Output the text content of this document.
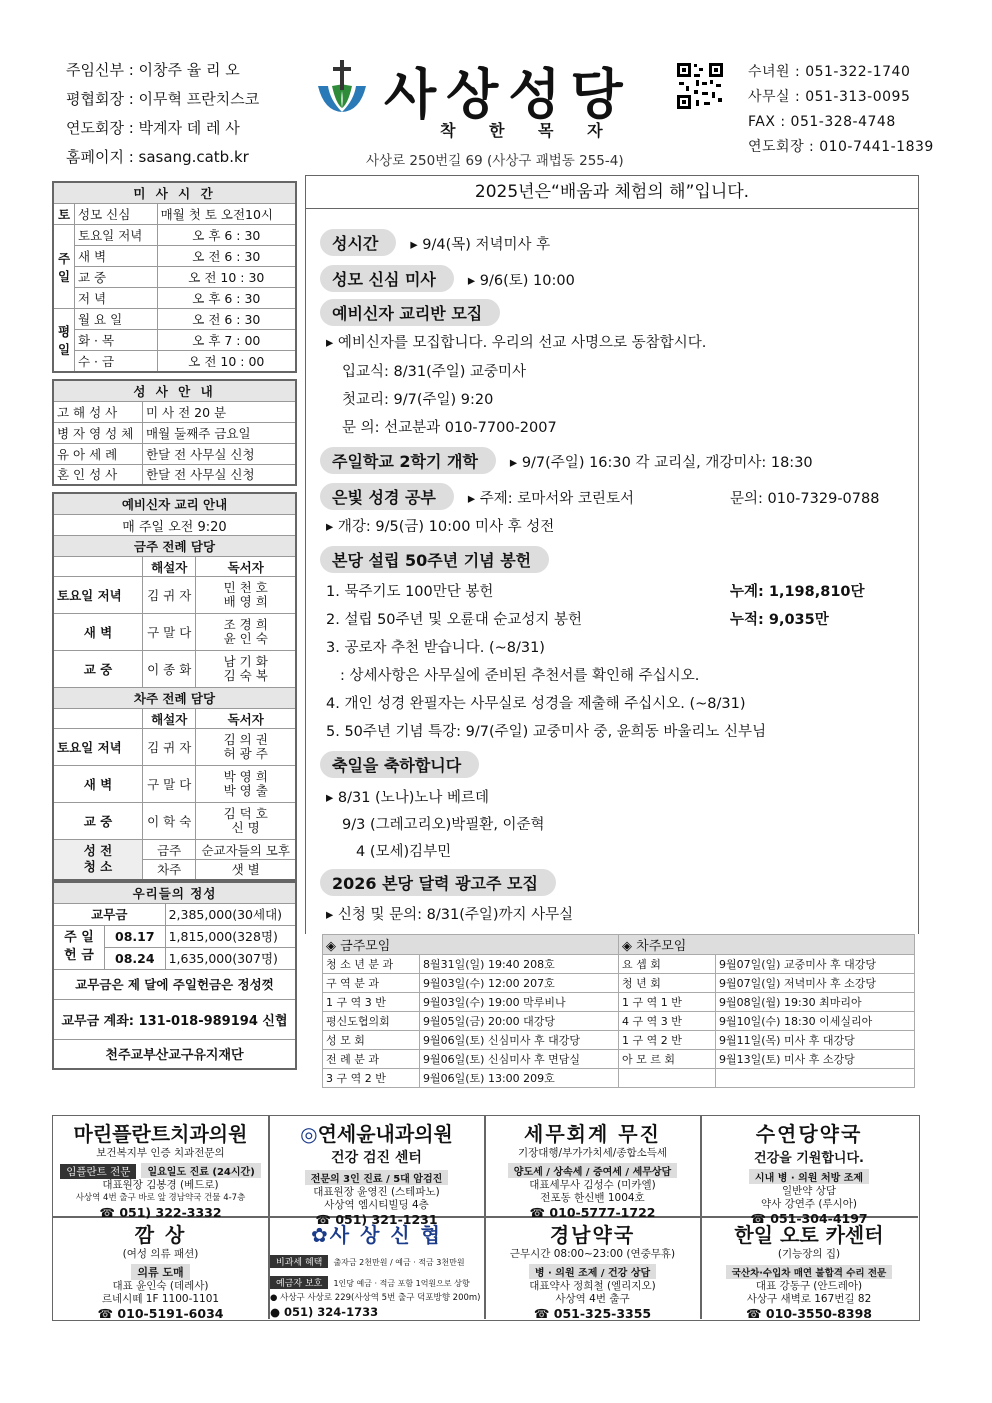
주임신부 : 이창주 율 리 오
평협회장 : 이무혁 프란치스코
연도회장 : 박계자 데 레 사
홈페이지 : sasang.catb.kr
사상성당
착 한 목 자
사상로 250번길 69 (사상구 괘법동 255-4)
수녀원 : 051-322-1740
사무실 : 051-313-0095
FAX : 051-328-4748
연도회장 : 010-7441-1839
미 사 시 간		
토	성모 신심	매월 첫 토 오전10시
주일	토요일 저녁	오 후 6 : 30
	새 벽	오 전 6 : 30
	교 중	오 전 10 : 30
	저 녁	오 후 6 : 30
평일	월 요 일	오 전 6 : 30
	화 · 목	오 후 7 : 00
	수 · 금	오 전 10 : 00
성 사 안 내	
고 해 성 사	미 사 전 20 분
병 자 영 성 체	매월 둘째주 금요일
유 아 세 례	한달 전 사무실 신청
혼 인 성 사	한달 전 사무실 신청
예비신자 교리 안내		
매 주일 오전 9:20		
금주 전례 담당		
	해설자	독서자
토요일 저녁	김 귀 자	민 천 호
배 영 희

새 벽	구 말 다	조 경 희
윤 인 숙

교 중	이 종 화	남 기 화
김 숙 복

차주 전례 담당		
	해설자	독서자
토요일 저녁	김 귀 자	김 의 권
허 광 주

새 벽	구 말 다	박 영 희
박 영 출

교 중	이 학 숙	김 덕 호
신 명

성 전
청 소	금주	순교자들의 모후
	차주	샛 별
우리들의 정성		
교무금		2,385,000(30세대)
주 일 헌 금	08.17	1,815,000(328명)
	08.24	1,635,000(307명)
교무금은 제 달에 주일헌금은 정성껏		
교무금 계좌: 131-018-989194 신협		
천주교부산교구유지재단		
2025년은“배움과 체험의 해”입니다.
성시간 ▸ 9/4(목) 저녁미사 후
성모 신심 미사 ▸ 9/6(토) 10:00
예비신자 교리반 모집
▸ 예비신자를 모집합니다. 우리의 선교 사명으로 동참합시다.
입교식: 8/31(주일) 교중미사
첫교리: 9/7(주일) 9:20
문 의: 선교분과 010-7700-2007
주일학교 2학기 개학 ▸ 9/7(주일) 16:30 각 교리실, 개강미사: 18:30
은빛 성경 공부 ▸ 주제: 로마서와 코린토서	문의: 010-7329-0788
▸ 개강: 9/5(금) 10:00 미사 후 성전
본당 설립 50주년 기념 봉헌
1. 묵주기도 100만단 봉헌	누계: 1,198,810단
2. 설립 50주년 및 오륜대 순교성지 봉헌	누적: 9,035만
3. 공로자 추천 받습니다. (~8/31)
: 상세사항은 사무실에 준비된 추천서를 확인해 주십시오.
4. 개인 성경 완필자는 사무실로 성경을 제출해 주십시오. (~8/31)
5. 50주년 기념 특강: 9/7(주일) 교중미사 중, 윤희동 바울리노 신부님
축일을 축하합니다
▸ 8/31 (노나)노나 베르데
9/3 (그레고리오)박필환, 이준혁
4 (모세)김부민
2026 본당 달력 광고주 모집
▸ 신청 및 문의: 8/31(주일)까지 사무실
◈ 금주모임		◈ 차주모임	
청 소 년 분 과	8월31일(일) 19:40 208호	요 셉 회	9월07일(일) 교중미사 후 대강당
구 역 분 과	9월03일(수) 12:00 207호	청 년 회	9월07일(일) 저녁미사 후 소강당
1 구 역 3 반	9월03일(수) 19:00 막루비나	1 구 역 1 반	9월08일(월) 19:30 최마리아
평신도협의회	9월05일(금) 20:00 대강당	4 구 역 3 반	9월10일(수) 18:30 이세실리아
성 모 회	9월06일(토) 신심미사 후 대강당	1 구 역 2 반	9월11일(목) 미사 후 대강당
전 례 분 과	9월06일(토) 신심미사 후 면담실	아 모 르 회	9월13일(토) 미사 후 소강당
3 구 역 2 반	9월06일(토) 13:00 209호		
마린플란트치과의원
보건복지부 인증 치과전문의
임플란트 전문 일요일도 진료 (24시간)
대표원장 김봉경 (베드로)
사상역 4번 출구 바로 앞 경남약국 건물 4-7층
☎ 051) 322-3332
◎연세윤내과의원
건강 검진 센터
전문의 3인 진료 / 5대 암검진
대표원장 윤영진 (스테파노)
사상역 엠시티빌딩 4층
☎ 051) 321-1231
세무회계 무진
기장대행/부가가치세/종합소득세
양도세 / 상속세 / 증여세 / 세무상담
대표세무사 김성수 (미카엘)
전포동 한신밴 1004호
☎ 010-5777-1722
수연당약국
건강을 기원합니다.
시내 병 · 의원 처방 조제
일반약 상담
약사 강연주 (루시아)
☎ 051-304-4197
깜 상
(여성 의류 패션)
의류 도매
대표 윤인숙 (데레사)
르네시떼 1F 1100-1101
☎ 010-5191-6034
✿사 상 신 협
비과세 혜택 출자금 2천만원 / 예금 · 적금 3천만원
예금자 보호 1인당 예금 · 적금 포함 1억원으로 상향
● 사상구 사상로 229(사상역 5번 출구 덕포방향 200m)
● 051) 324-1733
경남약국
근무시간 08:00~23:00 (연중무휴)
병 · 의원 조제 / 건강 상담
대표약사 정희철 (엘리지오)
사상역 4번 출구
☎ 051-325-3355
한일 오토 카센터
(기능장의 집)
국산차·수입차 매연 불합격 수리 전문
대표 강동구 (안드레아)
사상구 새벽로 167번길 82
☎ 010-3550-8398
